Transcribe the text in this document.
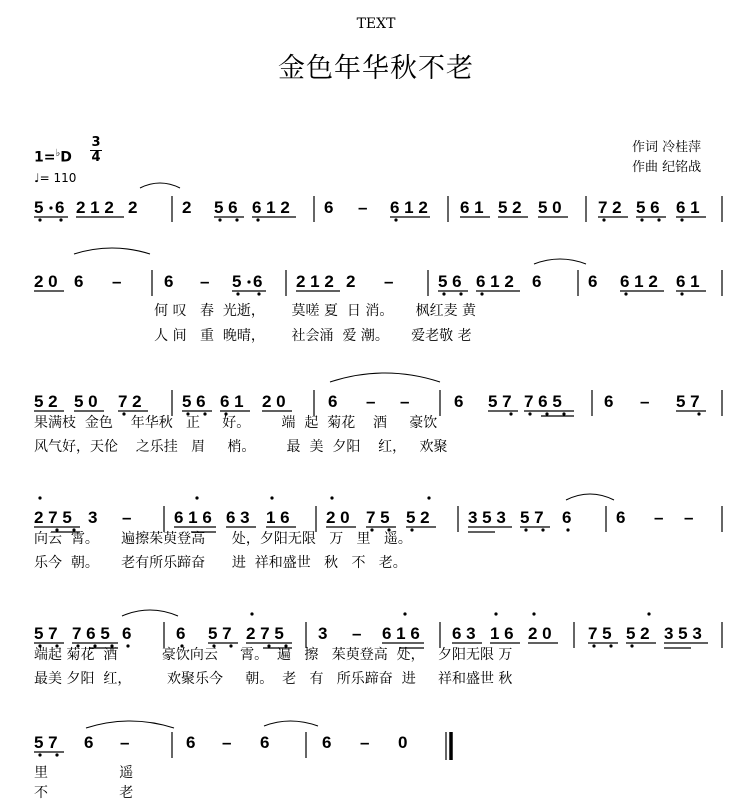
TEXT
金色年华秋不老
作词 冷桂萍
作曲 纪铭战
1=♭D
3
4
♩= 110
5 6 2 1 2 2	2 5 6 6 1 2 6 – 6 1 2 6 1 5 2 5 0 7 2 5 6 6 1
2 0 6 –	6 – 5 6 2 1 2 2 –	5 6 6 1 2 6	6 6 1 2 6 1
何 叹   春  光逝，      莫嗟 夏  日 消。     枫红麦 黄
人 间   重  晚晴，      社会涌  爱 潮。     爱老敬 老
5 2 5 0 7 2 5 6 6 1 2 0 6 – –	6 5 7 7 6 5 6 – 5 7
果满枝  金色    年华秋   正     好。       端  起  菊花    酒     豪饮
风气好，天伦    之乐挂   眉     梢。       最  美  夕阳    红，   欢聚
2 7 5 3 –	6 1 6 6 3 1 6 2 0 7 5 5 2 3 5 3 5 7 6	6 – –
向云  霄。     遍擦茱萸登高      处，夕阳无限   万   里   遥。
乐今  朝。     老有所乐蹄奋      进  祥和盛世   秋   不   老。
5 7 7 6 5 6	6 5 7 2 7 5 3 – 6 1 6 6 3 1 6 2 0 7 5 5 2 3 5 3
端起 菊花  酒          豪饮向云     霄。  遍   擦   茱萸登高  处，   夕阳无限 万
最美 夕阳  红，        欢聚乐今     朝。  老   有   所乐蹄奋  进     祥和盛世 秋
5 7 6 –	6 – 6	6 – 0
里                遥
不                老
